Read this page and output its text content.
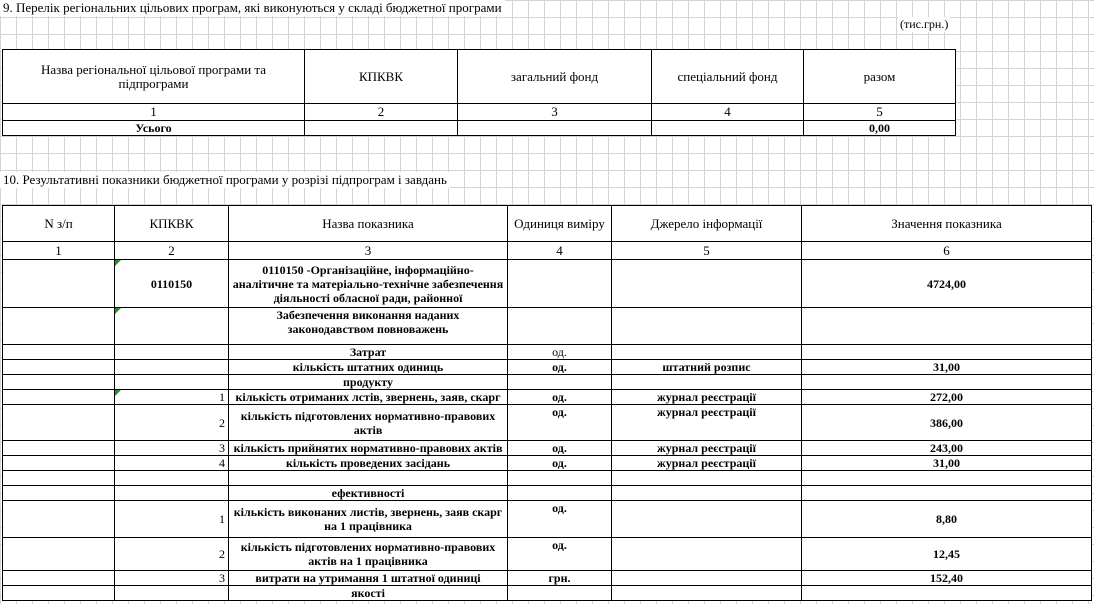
9. Перелік регіональних цільових програм, які виконуються у складі бюджетної програми
(тис.грн.)
Назва регіональної цільової програми та підпрограми	КПКВК	загальний фонд	спеціальний фонд	разом
1	2	3	4	5
Усього				0,00
10. Результативні показники бюджетної програми у розрізі підпрограм і завдань
N з/п	КПКВК	Назва показника	Одиниця виміру	Джерело інформації	Значення показника
1	2	3	4	5	6
	0110150	0110150 -Організаційне, інформаційно-аналітичне та матеріально-технічне забезпечення діяльності обласної ради, районної			4724,00
		Забезпечення виконання наданих законодавством повноважень			
		Затрат	од.		
		кількість штатних одиниць	од.	штатний розпис	31,00
		продукту			
	1	кількість отриманих лстів, звернень, заяв, скарг	од.	журнал реєстрації	272,00
	2	кількість підготовлених нормативно-правових актів	од.	журнал реєстрації	386,00
	3	кількість прийнятих нормативно-правових актів	од.	журнал реєстрації	243,00
	4	кількість проведених засідань	од.	журнал реєстрації	31,00

		ефективності			
	1	кількість виконаних листів, звернень, заяв скарг на 1 працівника	од.		8,80
	2	кількість підготовлених нормативно-правових актів на 1 працівника	од.		12,45
	3	витрати на утримання 1 штатної одиниці	грн.		152,40
		якості			
